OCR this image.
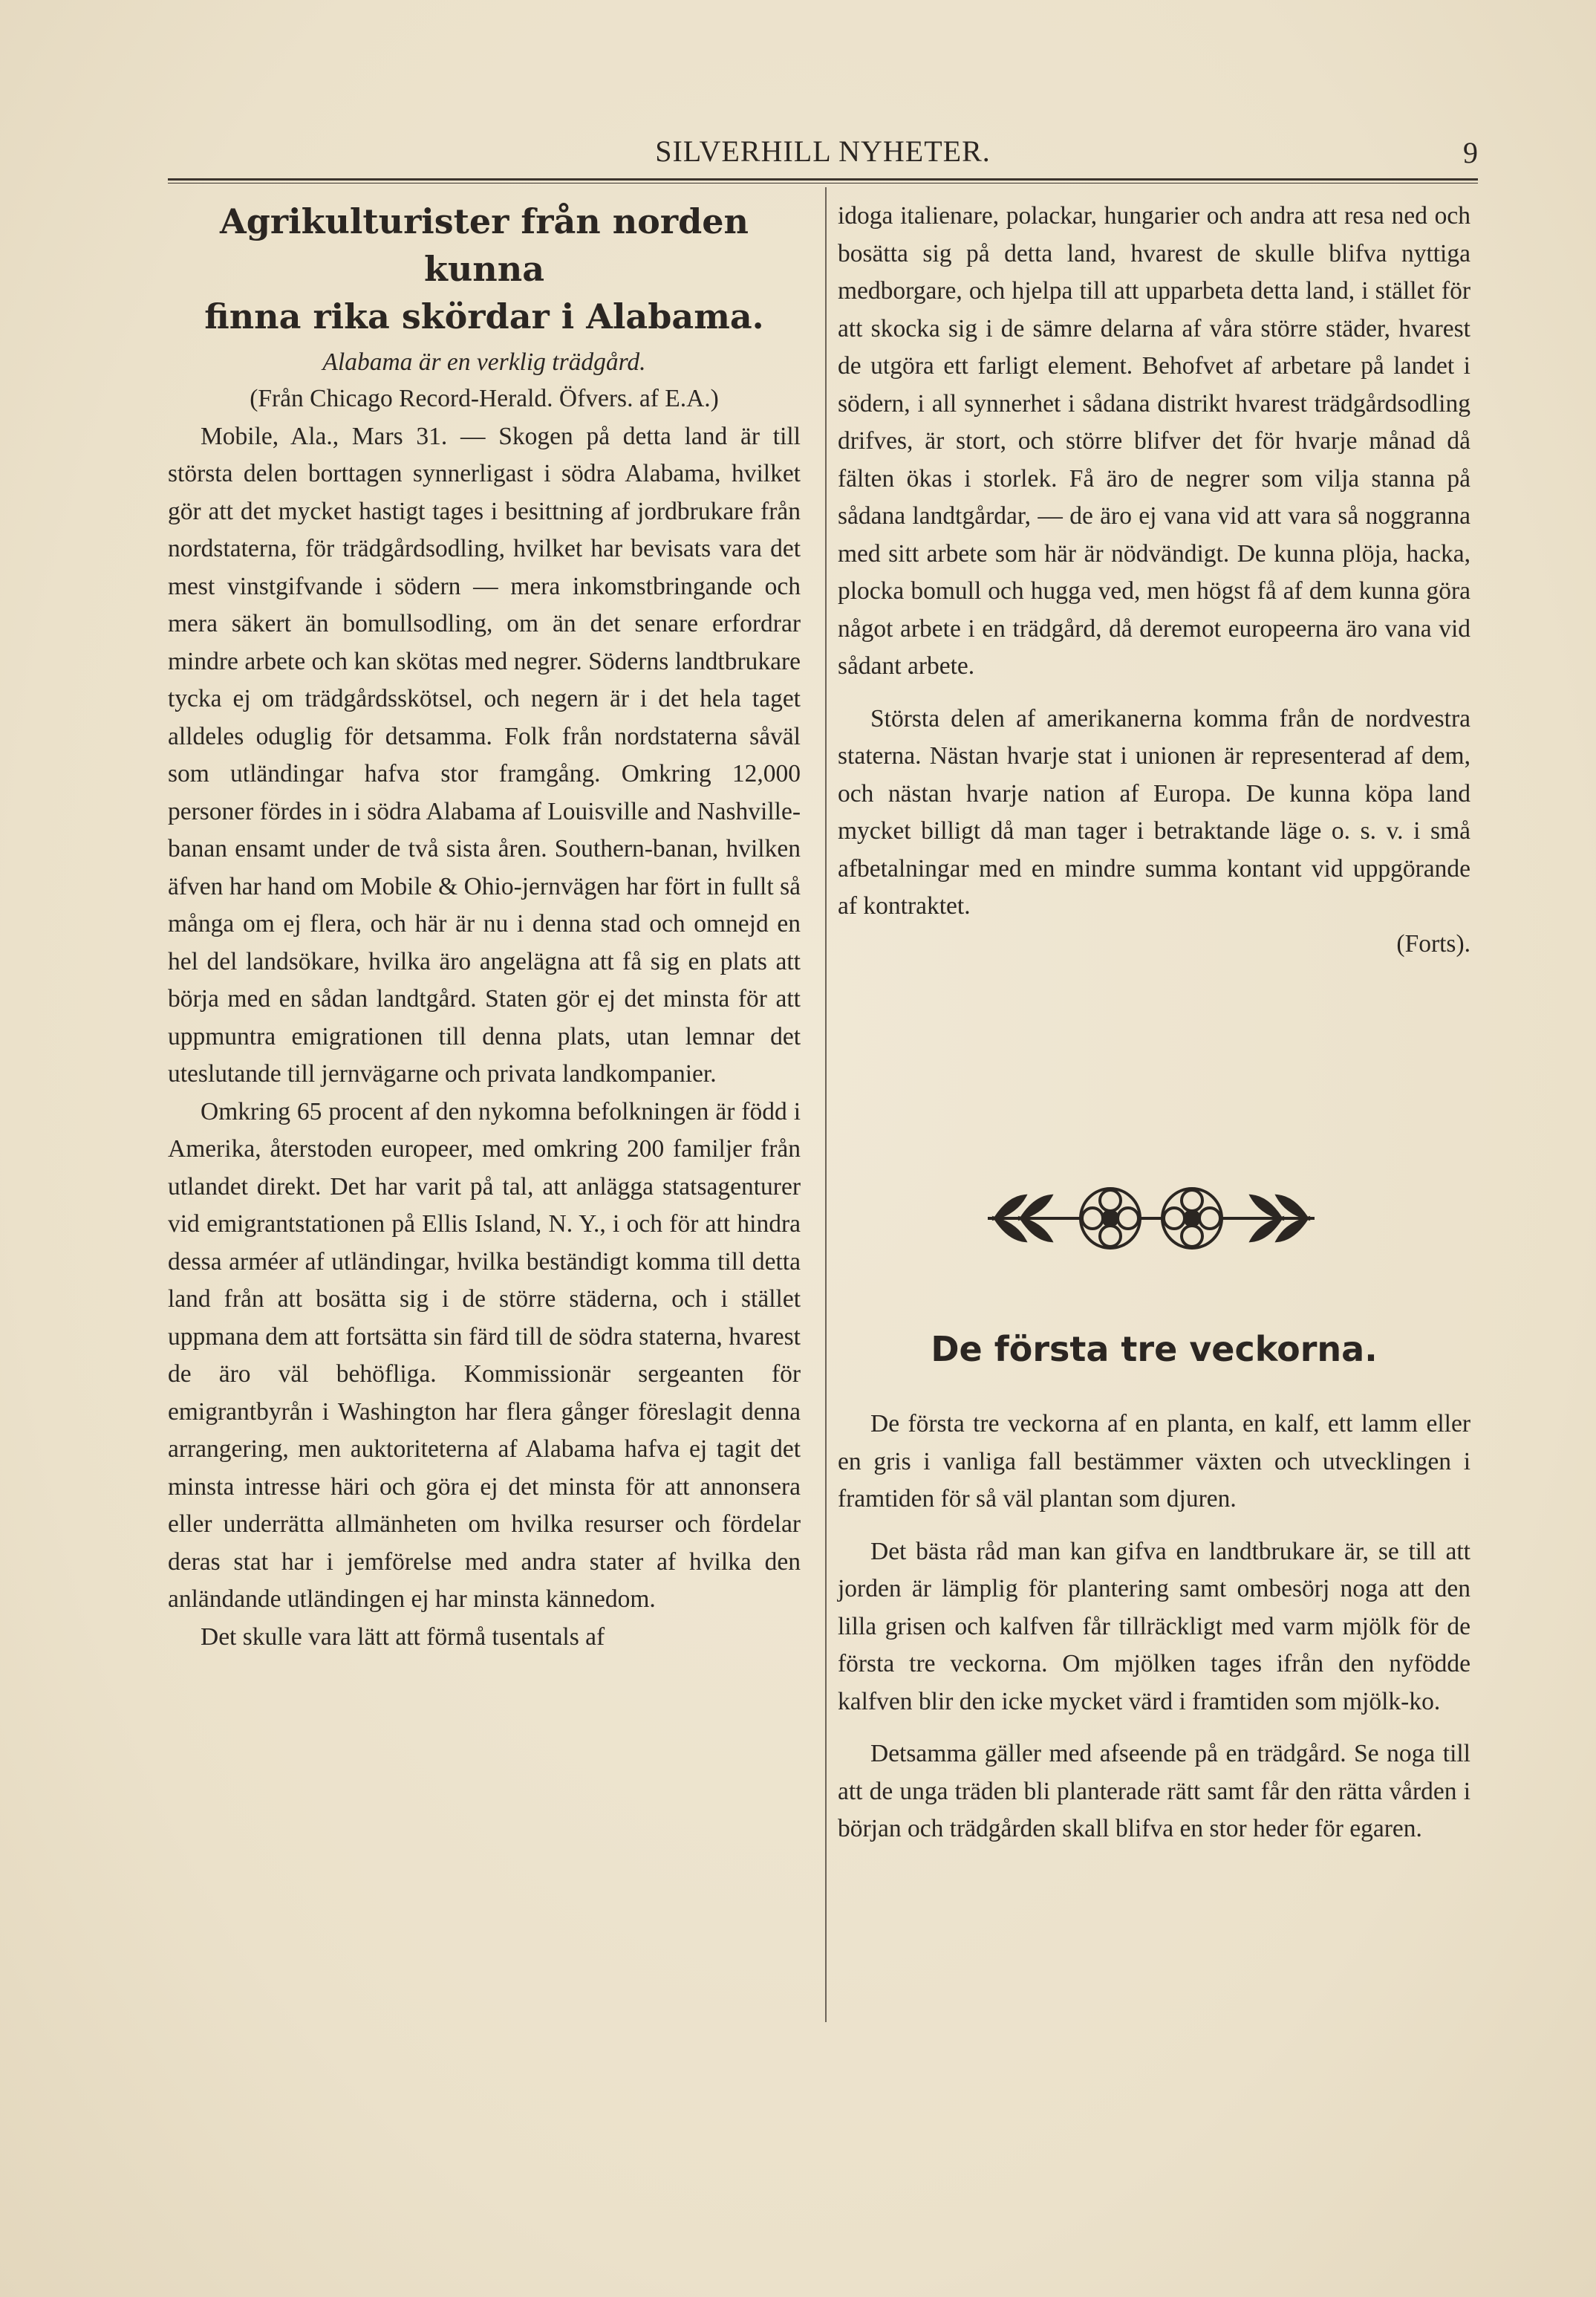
SILVERHILL NYHETER.	9
Agrikulturister från norden kunna
finna rika skördar i Alabama.

Alabama är en verklig trädgård.

(Från Chicago Record-Herald. Öfvers. af E.A.)

Mobile, Ala., Mars 31. — Skogen på detta land är till största delen borttagen synnerligast i södra Alabama, hvilket gör att det mycket hastigt tages i besittning af jordbrukare från nordstaterna, för trädgårdsodling, hvilket har bevisats vara det mest vinstgifvande i södern — mera inkomstbringande och mera säkert än bomullsodling, om än det senare erfordrar mindre arbete och kan skötas med negrer. Söderns landtbrukare tycka ej om trädgårdsskötsel, och negern är i det hela taget alldeles oduglig för detsamma. Folk från nordstaterna såväl som utländingar hafva stor framgång. Omkring 12,000 personer fördes in i södra Alabama af Louisville and Nashville-banan ensamt under de två sista åren. Southern-banan, hvilken äfven har hand om Mobile & Ohio-jernvägen har fört in fullt så många om ej flera, och här är nu i denna stad och omnejd en hel del landsökare, hvilka äro angelägna att få sig en plats att börja med en sådan landtgård. Staten gör ej det minsta för att uppmuntra emigrationen till denna plats, utan lemnar det uteslutande till jernvägarne och privata landkompanier.

Omkring 65 procent af den nykomna befolkningen är född i Amerika, återstoden europeer, med omkring 200 familjer från utlandet direkt. Det har varit på tal, att anlägga statsagenturer vid emigrantstationen på Ellis Island, N. Y., i och för att hindra dessa arméer af utländingar, hvilka beständigt komma till detta land från att bosätta sig i de större städerna, och i stället uppmana dem att fortsätta sin färd till de södra staterna, hvarest de äro väl behöfliga. Kommissionär sergeanten för emigrantbyrån i Washington har flera gånger föreslagit denna arrangering, men auktoriteterna af Alabama hafva ej tagit det minsta intresse häri och göra ej det minsta för att annonsera eller underrätta allmänheten om hvilka resurser och fördelar deras stat har i jemförelse med andra stater af hvilka den anländande utländingen ej har minsta kännedom.

Det skulle vara lätt att förmå tusentals af

idoga italienare, polackar, hungarier och andra att resa ned och bosätta sig på detta land, hvarest de skulle blifva nyttiga medborgare, och hjelpa till att upparbeta detta land, i stället för att skocka sig i de sämre delarna af våra större städer, hvarest de utgöra ett farligt element. Behofvet af arbetare på landet i södern, i all synnerhet i sådana distrikt hvarest trädgårdsodling drifves, är stort, och större blifver det för hvarje månad då fälten ökas i storlek. Få äro de negrer som vilja stanna på sådana landtgårdar, — de äro ej vana vid att vara så noggranna med sitt arbete som här är nödvändigt. De kunna plöja, hacka, plocka bomull och hugga ved, men högst få af dem kunna göra något arbete i en trädgård, då deremot europeerna äro vana vid sådant arbete.

Största delen af amerikanerna komma från de nordvestra staterna. Nästan hvarje stat i unionen är representerad af dem, och nästan hvarje nation af Europa. De kunna köpa land mycket billigt då man tager i betraktande läge o. s. v. i små afbetalningar med en mindre summa kontant vid uppgörande af kontraktet.

(Forts).

De första tre veckorna.

De första tre veckorna af en planta, en kalf, ett lamm eller en gris i vanliga fall bestämmer växten och utvecklingen i framtiden för så väl plantan som djuren.

Det bästa råd man kan gifva en landtbrukare är, se till att jorden är lämplig för plantering samt ombesörj noga att den lilla grisen och kalfven får tillräckligt med varm mjölk för de första tre veckorna. Om mjölken tages ifrån den nyfödde kalfven blir den icke mycket värd i framtiden som mjölk-ko.

Detsamma gäller med afseende på en trädgård. Se noga till att de unga träden bli planterade rätt samt får den rätta vården i början och trädgården skall blifva en stor heder för egaren.
